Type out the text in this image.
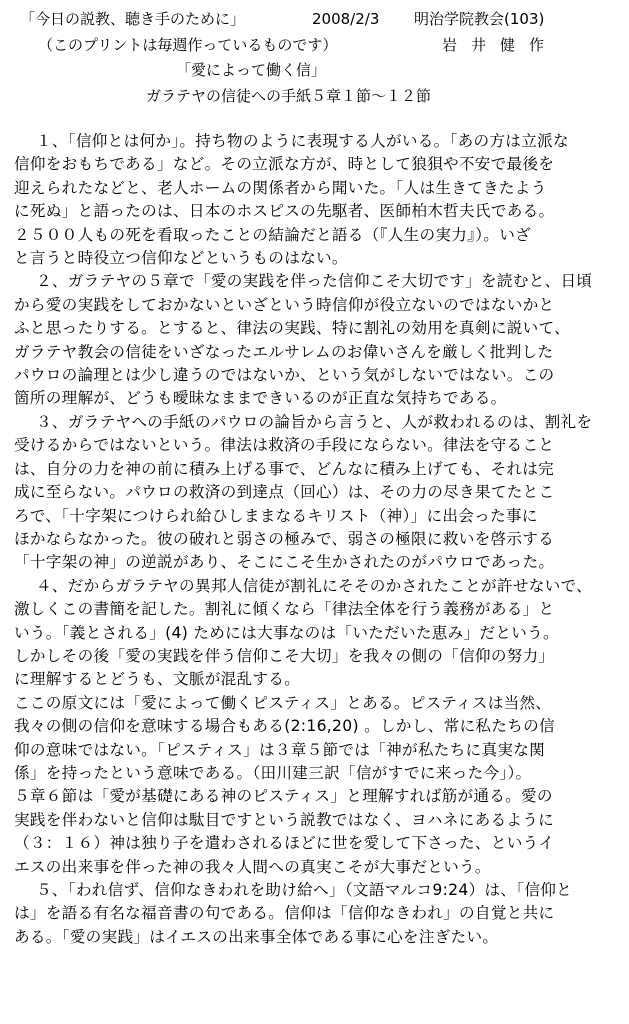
「今日の説教、聴き手のために」	2008/2/3 明治学院教会(103)
（このプリントは毎週作っているものです）	岩井健作
「愛によって働く信」
ガラテヤの信徒への手紙５章１節～１２節
１、「信仰とは何か」。持ち物のように表現する人がいる。「あの方は立派な
信仰をおもちである」など。その立派な方が、時として狼狽や不安で最後を
迎えられたなどと、老人ホームの関係者から聞いた。「人は生きてきたよう
に死ぬ」と語ったのは、日本のホスピスの先駆者、医師柏木哲夫氏である。
２５００人もの死を看取ったことの結論だと語る（『人生の実力』）。いざ
と言うと時役立つ信仰などというものはない。
２、ガラテヤの５章で「愛の実践を伴った信仰こそ大切です」を読むと、日頃
から愛の実践をしておかないといざという時信仰が役立ないのではないかと
ふと思ったりする。とすると、律法の実践、特に割礼の効用を真剣に説いて、
ガラテヤ教会の信徒をいざなったエルサレムのお偉いさんを厳しく批判した
パウロの論理とは少し違うのではないか、という気がしないではない。この
箇所の理解が、どうも曖昧なままできいるのが正直な気持ちである。
３、ガラテヤへの手紙のパウロの論旨から言うと、人が救われるのは、割礼を
受けるからではないという。律法は救済の手段にならない。律法を守ること
は、自分の力を神の前に積み上げる事で、どんなに積み上げても、それは完
成に至らない。パウロの救済の到達点（回心）は、その力の尽き果てたとこ
ろで、「十字架につけられ給ひしままなるキリスト（神）」に出会った事に
ほかならなかった。彼の破れと弱さの極みで、弱さの極限に救いを啓示する
「十字架の神」の逆説があり、そこにこそ生かされたのがパウロであった。
４、だからガラテヤの異邦人信徒が割礼にそそのかされたことが許せないで、
激しくこの書簡を記した。割礼に傾くなら「律法全体を行う義務がある」と
いう。「義とされる」(4) ためには大事なのは「いただいた恵み」だという。
しかしその後「愛の実践を伴う信仰こそ大切」を我々の側の「信仰の努力」
に理解するとどうも、文脈が混乱する。
ここの原文には「愛によって働くピスティス」とある。ピスティスは当然、
我々の側の信仰を意味する場合もある(2:16,20) 。しかし、常に私たちの信
仰の意味ではない。「ピスティス」は３章５節では「神が私たちに真実な関
係」を持ったという意味である。（田川建三訳「信がすでに来った今」）。
５章６節は「愛が基礎にある神のピスティス」と理解すれば筋が通る。愛の
実践を伴わないと信仰は駄目ですという説教ではなく、ヨハネにあるように
（３：１６）神は独り子を遣わされるほどに世を愛して下さった、というイ
エスの出来事を伴った神の我々人間への真実こそが大事だという。
５、「われ信ず、信仰なきわれを助け給へ」（文語マルコ9:24）は、「信仰と
は」を語る有名な福音書の句である。信仰は「信仰なきわれ」の自覚と共に
ある。「愛の実践」はイエスの出来事全体である事に心を注ぎたい。
